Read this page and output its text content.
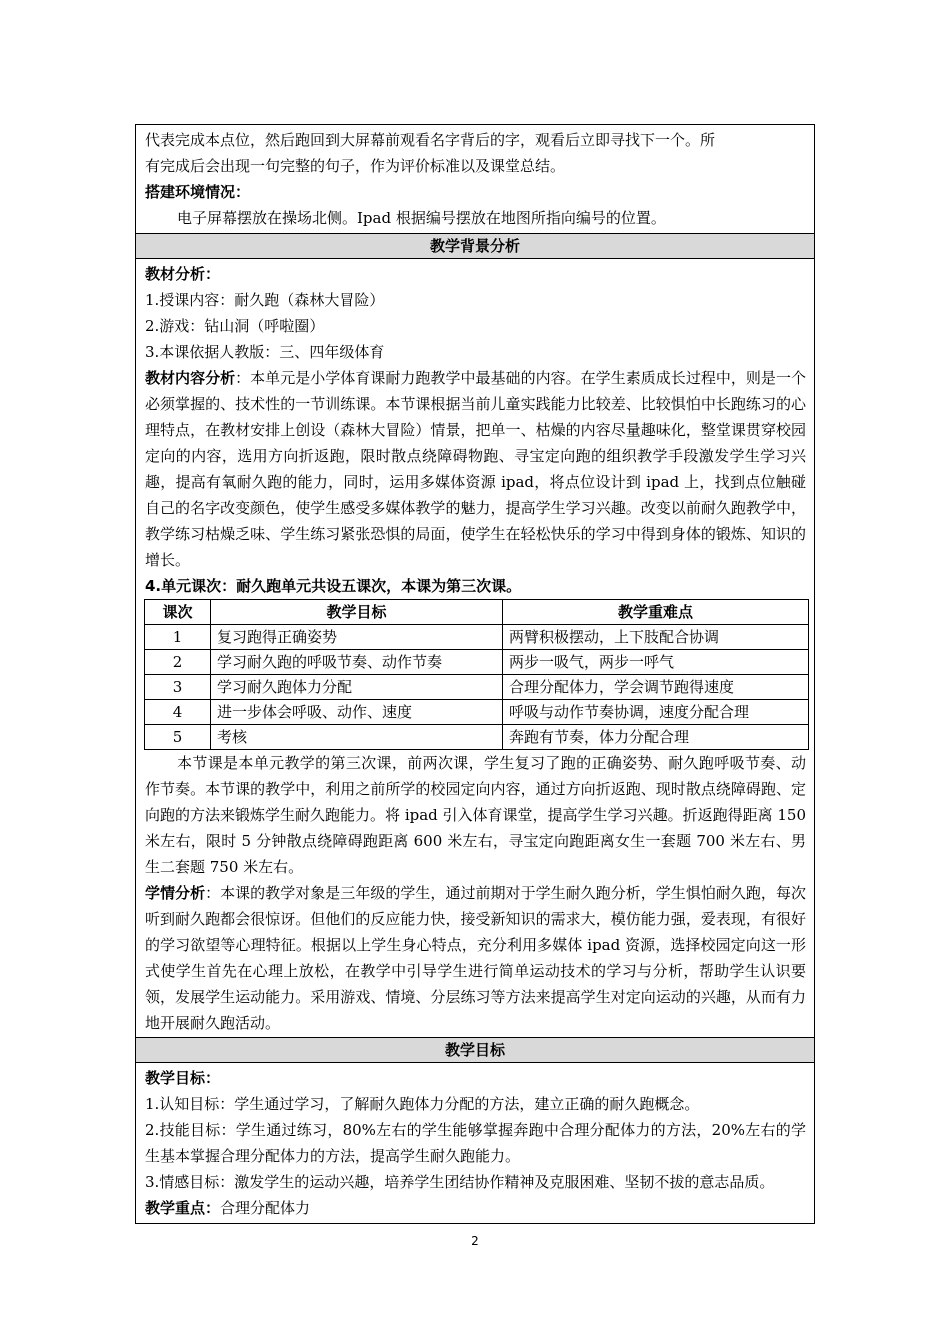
代表完成本点位，然后跑回到大屏幕前观看名字背后的字，观看后立即寻找下一个。所

有完成后会出现一句完整的句子，作为评价标准以及课堂总结。

搭建环境情况：

电子屏幕摆放在操场北侧。Ipad 根据编号摆放在地图所指向编号的位置。

教学背景分析

教材分析：

1.授课内容：耐久跑（森林大冒险）

2.游戏：钻山洞（呼啦圈）

3.本课依据人教版：三、四年级体育

教材内容分析：本单元是小学体育课耐力跑教学中最基础的内容。在学生素质成长过程中，则是一个必须掌握的、技术性的一节训练课。本节课根据当前儿童实践能力比较差、比较惧怕中长跑练习的心理特点，在教材安排上创设（森林大冒险）情景，把单一、枯燥的内容尽量趣味化，整堂课贯穿校园定向的内容，选用方向折返跑，限时散点绕障碍物跑、寻宝定向跑的组织教学手段激发学生学习兴趣，提高有氧耐久跑的能力，同时，运用多媒体资源 ipad，将点位设计到 ipad 上，找到点位触碰自己的名字改变颜色，使学生感受多媒体教学的魅力，提高学生学习兴趣。改变以前耐久跑教学中，教学练习枯燥乏味、学生练习紧张恐惧的局面，使学生在轻松快乐的学习中得到身体的锻炼、知识的增长。

4.单元课次：耐久跑单元共设五课次，本课为第三次课。

课次	教学目标	教学重难点
1	复习跑得正确姿势	两臂积极摆动，上下肢配合协调
2	学习耐久跑的呼吸节奏、动作节奏	两步一吸气，两步一呼气
3	学习耐久跑体力分配	合理分配体力，学会调节跑得速度
4	进一步体会呼吸、动作、速度	呼吸与动作节奏协调，速度分配合理
5	考核	奔跑有节奏，体力分配合理

本节课是本单元教学的第三次课，前两次课，学生复习了跑的正确姿势、耐久跑呼吸节奏、动作节奏。本节课的教学中，利用之前所学的校园定向内容，通过方向折返跑、现时散点绕障碍跑、定向跑的方法来锻炼学生耐久跑能力。将 ipad 引入体育课堂，提高学生学习兴趣。折返跑得距离 150 米左右，限时 5 分钟散点绕障碍跑距离 600 米左右，寻宝定向跑距离女生一套题 700 米左右、男生二套题 750 米左右。

学情分析：本课的教学对象是三年级的学生，通过前期对于学生耐久跑分析，学生惧怕耐久跑，每次听到耐久跑都会很惊讶。但他们的反应能力快，接受新知识的需求大，模仿能力强，爱表现，有很好的学习欲望等心理特征。根据以上学生身心特点，充分利用多媒体 ipad 资源，选择校园定向这一形式使学生首先在心理上放松，在教学中引导学生进行简单运动技术的学习与分析，帮助学生认识要领，发展学生运动能力。采用游戏、情境、分层练习等方法来提高学生对定向运动的兴趣，从而有力地开展耐久跑活动。

教学目标

教学目标：

1.认知目标：学生通过学习，了解耐久跑体力分配的方法，建立正确的耐久跑概念。

2.技能目标：学生通过练习，80%左右的学生能够掌握奔跑中合理分配体力的方法，20%左右的学生基本掌握合理分配体力的方法，提高学生耐久跑能力。

3.情感目标：激发学生的运动兴趣，培养学生团结协作精神及克服困难、坚韧不拔的意志品质。

教学重点：合理分配体力

2
